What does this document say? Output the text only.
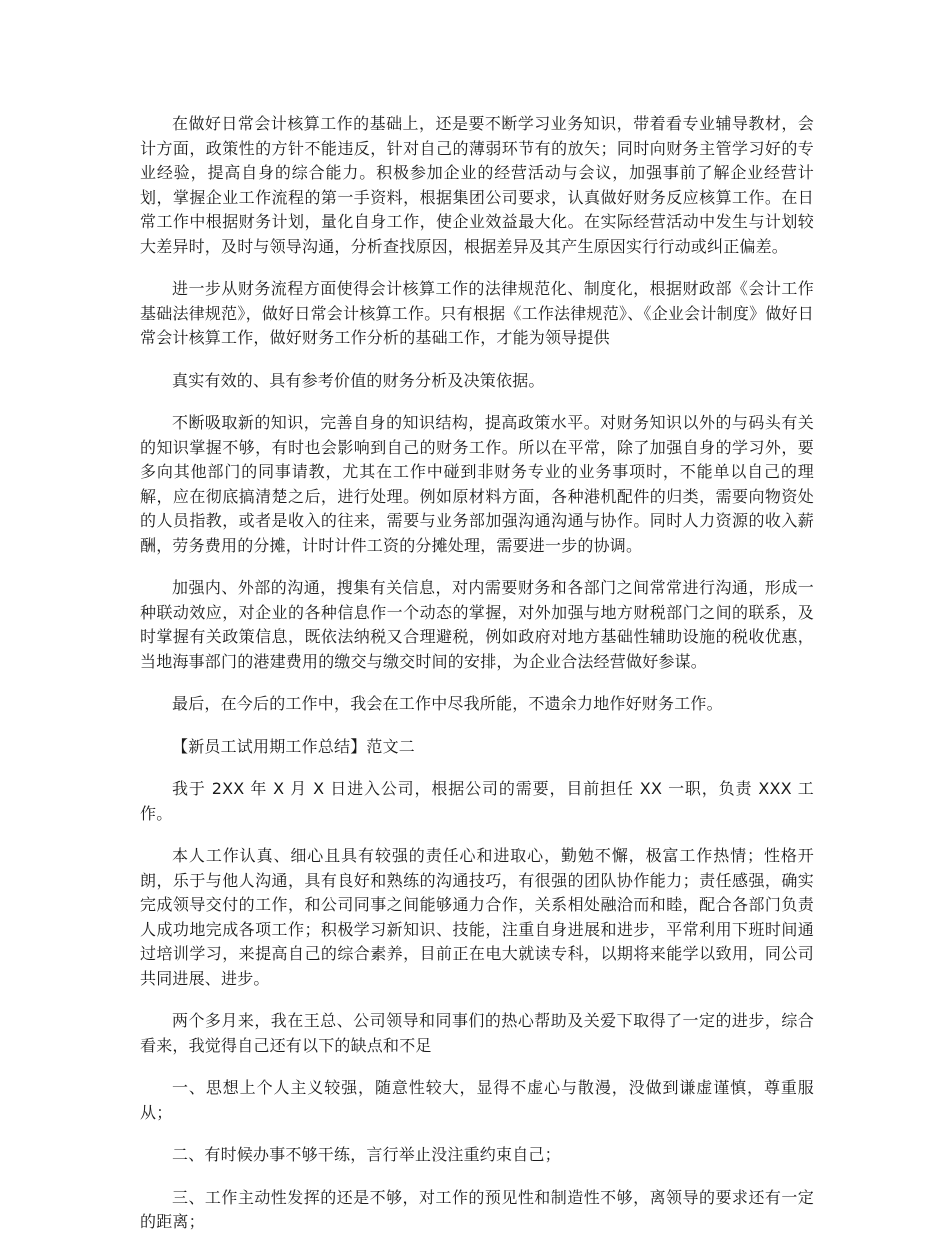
在做好日常会计核算工作的基础上，还是要不断学习业务知识，带着看专业辅导教材，会计方面，政策性的方针不能违反，针对自己的薄弱环节有的放矢；同时向财务主管学习好的专业经验，提高自身的综合能力。积极参加企业的经营活动与会议，加强事前了解企业经营计划，掌握企业工作流程的第一手资料，根据集团公司要求，认真做好财务反应核算工作。在日常工作中根据财务计划，量化自身工作，使企业效益最大化。在实际经营活动中发生与计划较大差异时，及时与领导沟通，分析查找原因，根据差异及其产生原因实行行动或纠正偏差。

进一步从财务流程方面使得会计核算工作的法律规范化、制度化，根据财政部《会计工作基础法律规范》，做好日常会计核算工作。只有根据《工作法律规范》、《企业会计制度》做好日常会计核算工作，做好财务工作分析的基础工作，才能为领导提供

真实有效的、具有参考价值的财务分析及决策依据。

不断吸取新的知识，完善自身的知识结构，提高政策水平。对财务知识以外的与码头有关的知识掌握不够，有时也会影响到自己的财务工作。所以在平常，除了加强自身的学习外，要多向其他部门的同事请教，尤其在工作中碰到非财务专业的业务事项时，不能单以自己的理解，应在彻底搞清楚之后，进行处理。例如原材料方面，各种港机配件的归类，需要向物资处的人员指教，或者是收入的往来，需要与业务部加强沟通沟通与协作。同时人力资源的收入薪酬，劳务费用的分摊，计时计件工资的分摊处理，需要进一步的协调。

加强内、外部的沟通，搜集有关信息，对内需要财务和各部门之间常常进行沟通，形成一种联动效应，对企业的各种信息作一个动态的掌握，对外加强与地方财税部门之间的联系，及时掌握有关政策信息，既依法纳税又合理避税，例如政府对地方基础性辅助设施的税收优惠，当地海事部门的港建费用的缴交与缴交时间的安排，为企业合法经营做好参谋。

最后，在今后的工作中，我会在工作中尽我所能，不遗余力地作好财务工作。

【新员工试用期工作总结】范文二

我于 2XX 年 X 月 X 日进入公司，根据公司的需要，目前担任 XX 一职，负责 XXX 工作。

本人工作认真、细心且具有较强的责任心和进取心，勤勉不懈，极富工作热情；性格开朗，乐于与他人沟通，具有良好和熟练的沟通技巧，有很强的团队协作能力；责任感强，确实完成领导交付的工作，和公司同事之间能够通力合作，关系相处融洽而和睦，配合各部门负责人成功地完成各项工作；积极学习新知识、技能，注重自身进展和进步，平常利用下班时间通过培训学习，来提高自己的综合素养，目前正在电大就读专科，以期将来能学以致用，同公司共同进展、进步。

两个多月来，我在王总、公司领导和同事们的热心帮助及关爱下取得了一定的进步，综合看来，我觉得自己还有以下的缺点和不足

一、思想上个人主义较强，随意性较大，显得不虚心与散漫，没做到谦虚谨慎，尊重服从；

二、有时候办事不够干练，言行举止没注重约束自己；

三、工作主动性发挥的还是不够，对工作的预见性和制造性不够，离领导的要求还有一定的距离；
